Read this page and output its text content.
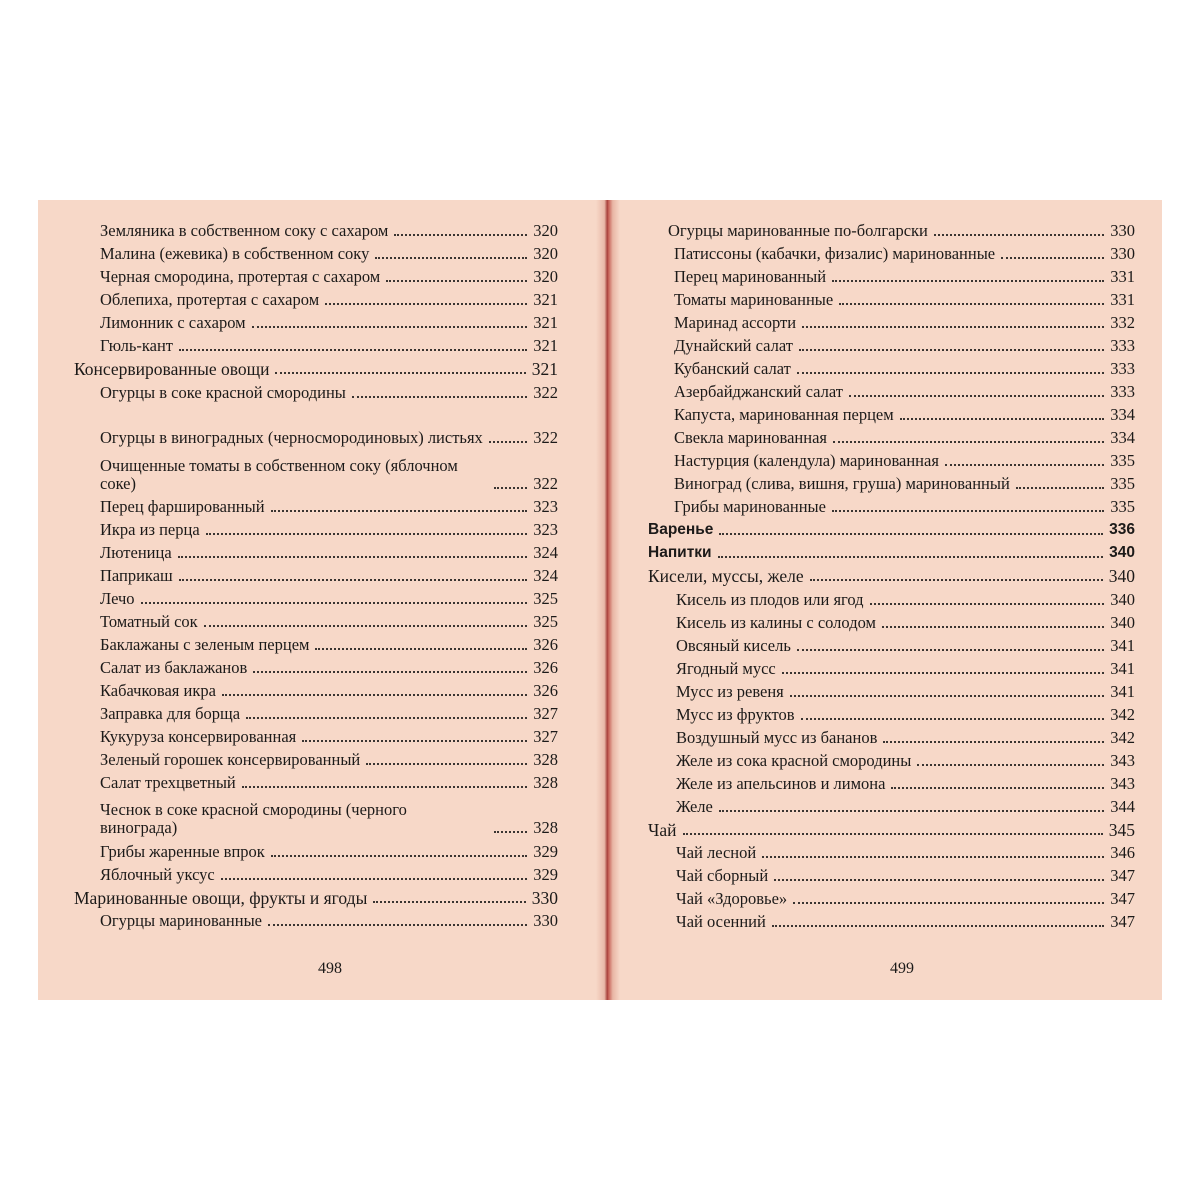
Земляника в собственном соку с сахаром	320
Малина (ежевика) в собственном соку	320
Черная смородина, протертая с сахаром	320
Облепиха, протертая с сахаром	321
Лимонник с сахаром	321
Гюль-кант	321
Консервированные овощи	321
Огурцы в соке красной смородины	322
Огурцы в виноградных (черносмородиновых) листьях	322
Очищенные томаты в собственном соку (яблочном соке)	322
Перец фаршированный	323
Икра из перца	323
Лютеница	324
Паприкаш	324
Лечо	325
Томатный сок	325
Баклажаны с зеленым перцем	326
Салат из баклажанов	326
Кабачковая икра	326
Заправка для борща	327
Кукуруза консервированная	327
Зеленый горошек консервированный	328
Салат трехцветный	328
Чеснок в соке красной смородины (черного винограда)	328
Грибы жаренные впрок	329
Яблочный уксус	329
Маринованные овощи, фрукты и ягоды	330
Огурцы маринованные	330
498
Огурцы маринованные по-болгарски	330
Патиссоны (кабачки, физалис) маринованные	330
Перец маринованный	331
Томаты маринованные	331
Маринад ассорти	332
Дунайский салат	333
Кубанский салат	333
Азербайджанский салат	333
Капуста, маринованная перцем	334
Свекла маринованная	334
Настурция (календула) маринованная	335
Виноград (слива, вишня, груша) маринованный	335
Грибы маринованные	335
Варенье	336
Напитки	340
Кисели, муссы, желе	340
Кисель из плодов или ягод	340
Кисель из калины с солодом	340
Овсяный кисель	341
Ягодный мусс	341
Мусс из ревеня	341
Мусс из фруктов	342
Воздушный мусс из бананов	342
Желе из сока красной смородины	343
Желе из апельсинов и лимона	343
Желе	344
Чай	345
Чай лесной	346
Чай сборный	347
Чай «Здоровье»	347
Чай осенний	347
499
